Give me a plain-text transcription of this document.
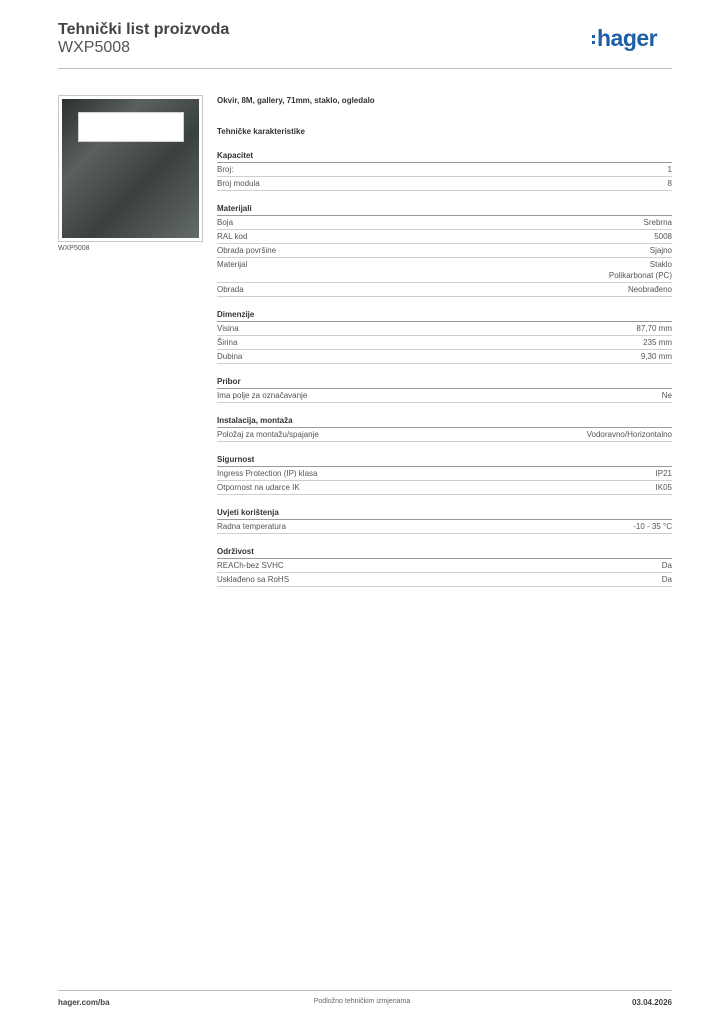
Tehnički list proizvoda
WXP5008	hager
WXP5008
Okvir, 8M, gallery, 71mm, staklo, ogledalo
Tehničke karakteristike
Kapacitet
Broj:	1
Broj modula	8
Materijali
Boja	Srebrna
RAL kod	5008
Obrada površine	Sjajno
Materijal	Staklo
Polikarbonat (PC)
Obrada	Neobrađeno
Dimenzije
Visina	87,70 mm
Širina	235 mm
Dubina	9,30 mm
Pribor
Ima polje za označavanje	Ne
Instalacija, montaža
Položaj za montažu/spajanje	Vodoravno/Horizontalno
Sigurnost
Ingress Protection (IP) klasa	IP21
Otpornost na udarce IK	IK05
Uvjeti korištenja
Radna temperatura	-10 - 35 °C
Održivost
REACh-bez SVHC	Da
Usklađeno sa RoHS	Da
hager.com/ba	Podložno tehničkim izmjenama	03.04.2026
